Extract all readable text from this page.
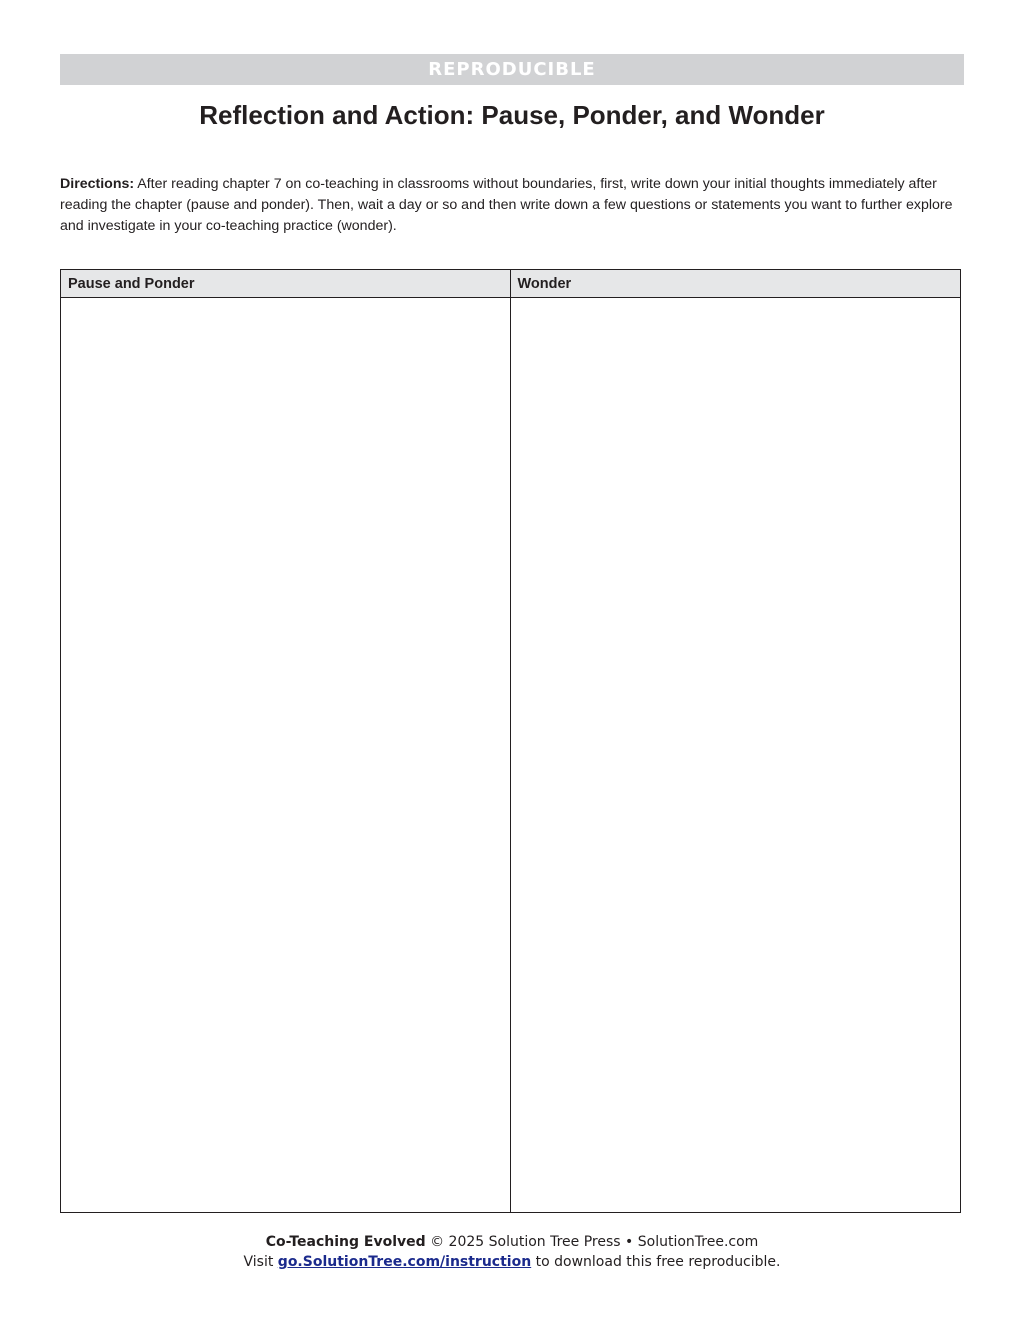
REPRODUCIBLE
Reflection and Action: Pause, Ponder, and Wonder

Directions: After reading chapter 7 on co-teaching in classrooms without boundaries, first, write down your initial thoughts immediately after reading the chapter (pause and ponder). Then, wait a day or so and then write down a few questions or statements you want to further explore and investigate in your co-teaching practice (wonder).

Pause and Ponder	Wonder
Co-Teaching Evolved © 2025 Solution Tree Press • SolutionTree.com
Visit go.SolutionTree.com/instruction to download this free reproducible.
